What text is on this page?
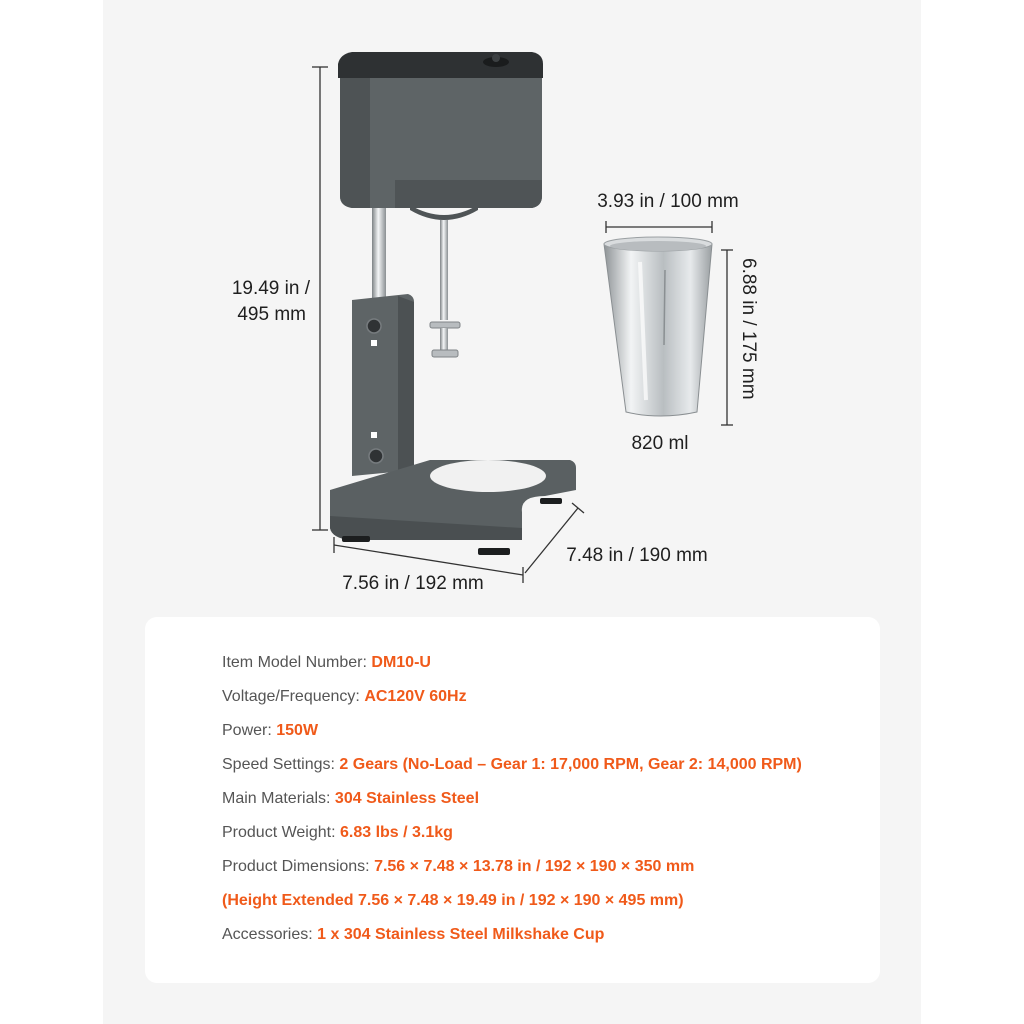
19.49 in /
495 mm
7.56 in / 192 mm
7.48 in / 190 mm
3.93 in / 100 mm
6.88 in / 175 mm
820 ml
Item Model Number: DM10-U
Voltage/Frequency: AC120V 60Hz
Power: 150W
Speed Settings: 2 Gears (No-Load – Gear 1: 17,000 RPM, Gear 2: 14,000 RPM)
Main Materials: 304 Stainless Steel
Product Weight: 6.83 lbs / 3.1kg
Product Dimensions: 7.56 × 7.48 × 13.78 in / 192 × 190 × 350 mm
(Height Extended 7.56 × 7.48 × 19.49 in / 192 × 190 × 495 mm)
Accessories: 1 x 304 Stainless Steel Milkshake Cup
